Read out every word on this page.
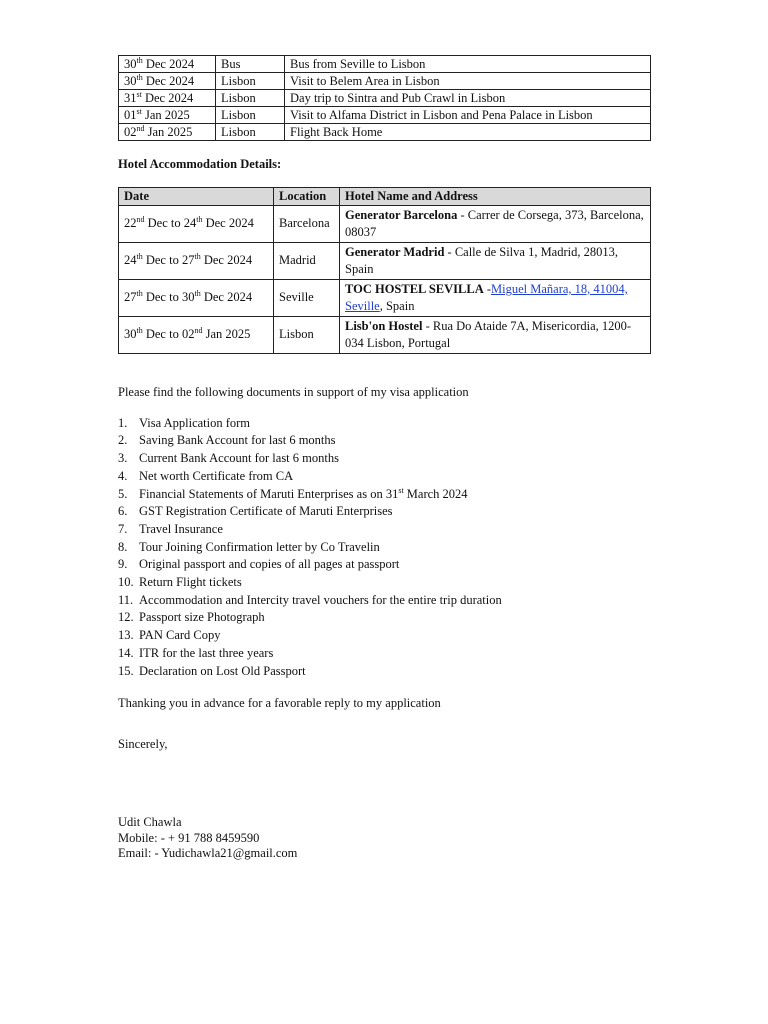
30th Dec 2024	Bus	Bus from Seville to Lisbon
30th Dec 2024	Lisbon	Visit to Belem Area in Lisbon
31st Dec 2024	Lisbon	Day trip to Sintra and Pub Crawl in Lisbon
01st Jan 2025	Lisbon	Visit to Alfama District in Lisbon and Pena Palace in Lisbon
02nd Jan 2025	Lisbon	Flight Back Home
Hotel Accommodation Details:
Date	Location	Hotel Name and Address
22nd Dec to 24th Dec 2024	Barcelona	Generator Barcelona - Carrer de Corsega, 373, Barcelona, 08037
24th Dec to 27th Dec 2024	Madrid	Generator Madrid - Calle de Silva 1, Madrid, 28013, Spain
27th Dec to 30th Dec 2024	Seville	TOC HOSTEL SEVILLA -Miguel Mañara, 18, 41004, Seville, Spain
30th Dec to 02nd Jan 2025	Lisbon	Lisb'on Hostel - Rua Do Ataide 7A, Misericordia, 1200-034 Lisbon, Portugal
Please find the following documents in support of my visa application
1. Visa Application form
2. Saving Bank Account for last 6 months
3. Current Bank Account for last 6 months
4. Net worth Certificate from CA
5. Financial Statements of Maruti Enterprises as on 31st March 2024
6. GST Registration Certificate of Maruti Enterprises
7. Travel Insurance
8. Tour Joining Confirmation letter by Co Travelin
9. Original passport and copies of all pages at passport
10. Return Flight tickets
11. Accommodation and Intercity travel vouchers for the entire trip duration
12. Passport size Photograph
13. PAN Card Copy
14. ITR for the last three years
15. Declaration on Lost Old Passport
Thanking you in advance for a favorable reply to my application
Sincerely,
Udit Chawla
Mobile: - + 91 788 8459590
Email: - Yudichawla21@gmail.com
